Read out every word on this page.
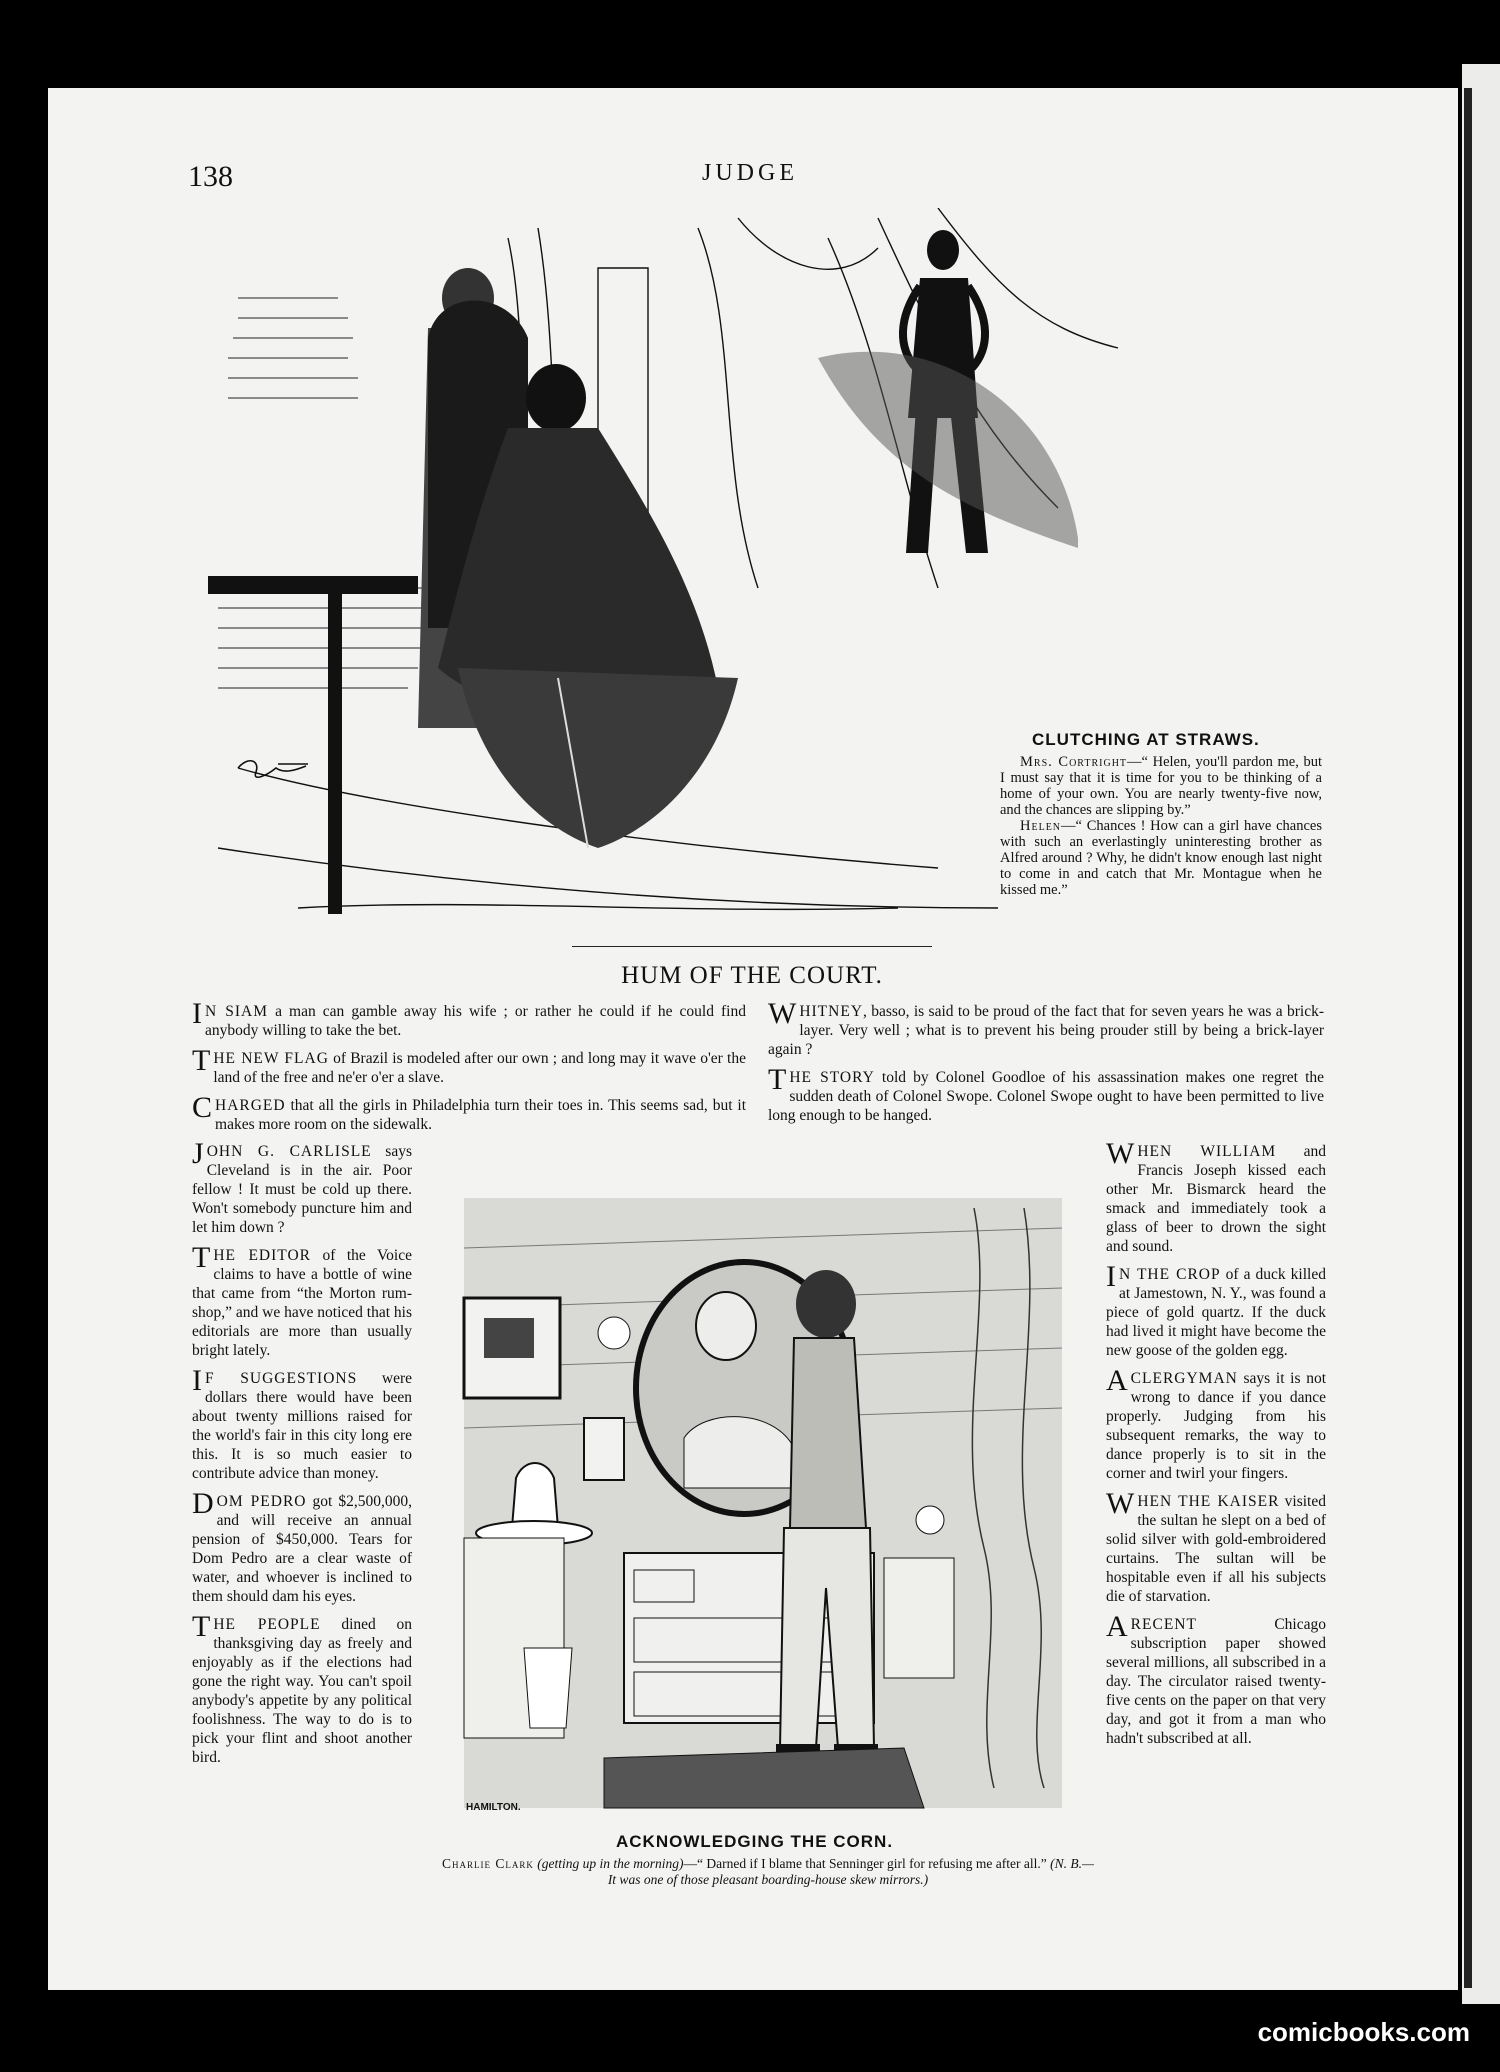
138	JUDGE
CLUTCHING AT STRAWS.
Mrs. Cortright—“ Helen, you'll pardon me, but I must say that it is time for you to be thinking of a home of your own. You are nearly twenty-five now, and the chances are slipping by.”
Helen—“ Chances ! How can a girl have chances with such an everlastingly uninteresting brother as Alfred around ? Why, he didn't know enough last night to come in and catch that Mr. Montague when he kissed me.”
HUM OF THE COURT.

I N SIAM a man can gamble away his wife ; or rather he could if he could find anybody willing to take the bet.

THE NEW FLAG of Brazil is modeled after our own ; and long may it wave o'er the land of the free and ne'er o'er a slave.

CHARGED that all the girls in Philadelphia turn their toes in. This seems sad, but it makes more room on the sidewalk.

JOHN G. CARLISLE says Cleveland is in the air. Poor fellow ! It must be cold up there. Won't somebody puncture him and let him down ?

THE EDITOR of the Voice claims to have a bottle of wine that came from “the Morton rum-shop,” and we have noticed that his editorials are more than usually bright lately.

I F SUGGESTIONS were dollars there would have been about twenty millions raised for the world's fair in this city long ere this. It is so much easier to contribute advice than money.

DOM PEDRO got $2,500,000, and will receive an annual pension of $450,000. Tears for Dom Pedro are a clear waste of water, and whoever is inclined to them should dam his eyes.

THE PEOPLE dined on thanksgiving day as freely and enjoyably as if the elections had gone the right way. You can't spoil anybody's appetite by any political foolishness. The way to do is to pick your flint and shoot another bird.

WHITNEY, basso, is said to be proud of the fact that for seven years he was a brick-layer. Very well ; what is to prevent his being prouder still by being a brick-layer again ?

THE STORY told by Colonel Goodloe of his assassination makes one regret the sudden death of Colonel Swope. Colonel Swope ought to have been permitted to live long enough to be hanged.

WHEN WILLIAM and Francis Joseph kissed each other Mr. Bismarck heard the smack and immediately took a glass of beer to drown the sight and sound.

I N THE CROP of a duck killed at Jamestown, N. Y., was found a piece of gold quartz. If the duck had lived it might have become the new goose of the golden egg.

A CLERGYMAN says it is not wrong to dance if you dance properly. Judging from his subsequent remarks, the way to dance properly is to sit in the corner and twirl your fingers.

WHEN THE KAISER visited the sultan he slept on a bed of solid silver with gold-embroidered curtains. The sultan will be hospitable even if all his subjects die of starvation.

A RECENT Chicago subscription paper showed several millions, all subscribed in a day. The circulator raised twenty-five cents on the paper on that very day, and got it from a man who hadn't subscribed at all.

HAMILTON.
ACKNOWLEDGING THE CORN.
Charlie Clark (getting up in the morning)—“ Darned if I blame that Senninger girl for refusing me after all.” (N. B.—It was one of those pleasant boarding-house skew mirrors.)
comicbooks.com
